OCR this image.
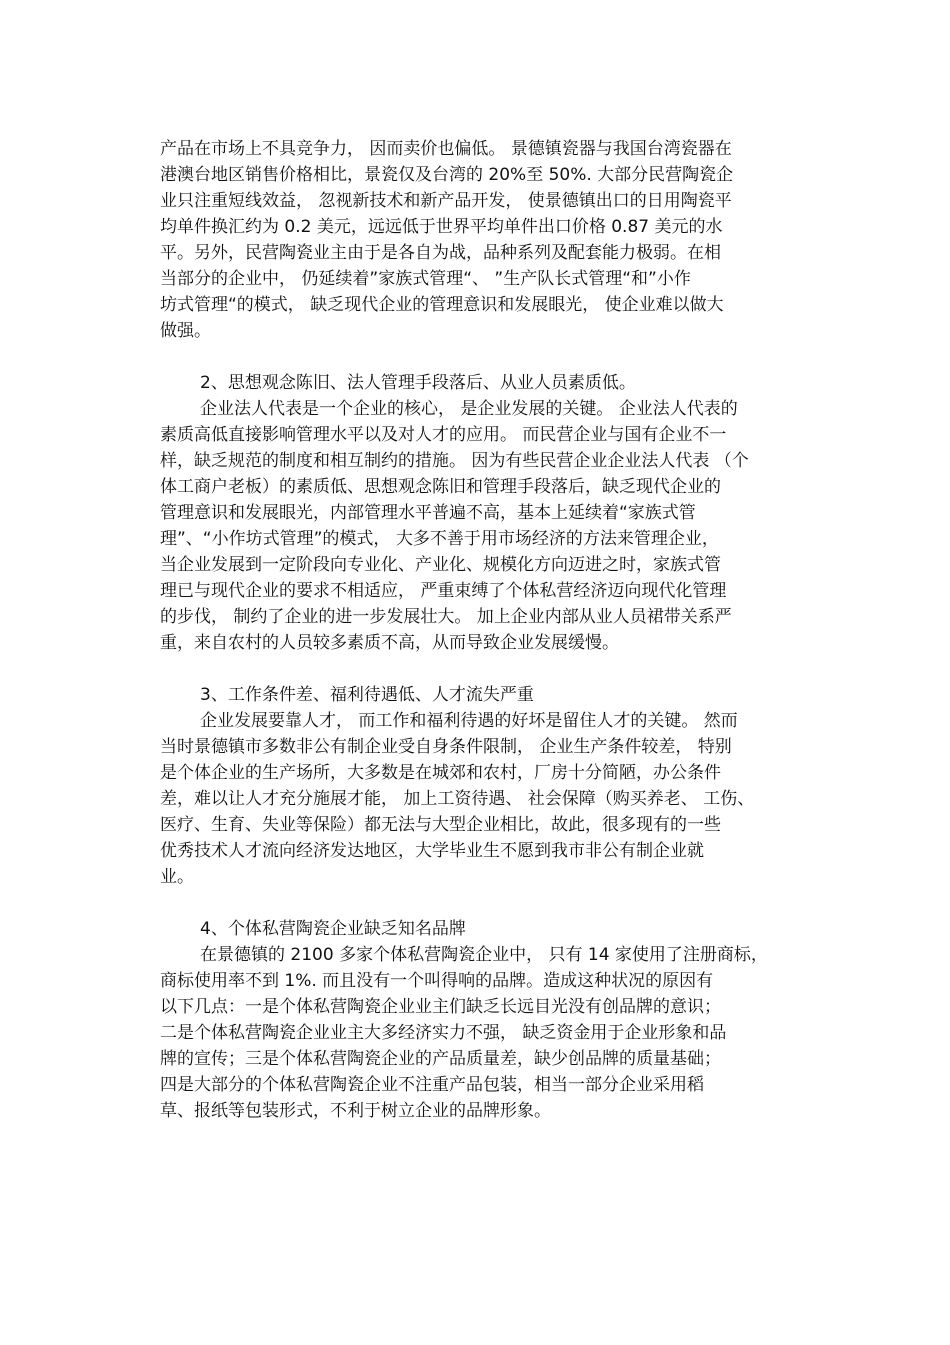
产品在市场上不具竞争力， 因而卖价也偏低。 景德镇瓷器与我国台湾瓷器在
港澳台地区销售价格相比，景瓷仅及台湾的 20%至 50%. 大部分民营陶瓷企
业只注重短线效益， 忽视新技术和新产品开发， 使景德镇出口的日用陶瓷平
均单件换汇约为 0.2 美元，远远低于世界平均单件出口价格 0.87 美元的水
平。另外，民营陶瓷业主由于是各自为战，品种系列及配套能力极弱。在相
当部分的企业中， 仍延续着”家族式管理“、 ”生产队长式管理“和”小作
坊式管理“的模式， 缺乏现代企业的管理意识和发展眼光， 使企业难以做大
做强。
2、思想观念陈旧、法人管理手段落后、从业人员素质低。
企业法人代表是一个企业的核心， 是企业发展的关键。 企业法人代表的
素质高低直接影响管理水平以及对人才的应用。 而民营企业与国有企业不一
样，缺乏规范的制度和相互制约的措施。 因为有些民营企业企业法人代表 （个
体工商户老板）的素质低、思想观念陈旧和管理手段落后，缺乏现代企业的
管理意识和发展眼光，内部管理水平普遍不高，基本上延续着“家族式管
理”、“小作坊式管理”的模式， 大多不善于用市场经济的方法来管理企业，
当企业发展到一定阶段向专业化、产业化、规模化方向迈进之时，家族式管
理已与现代企业的要求不相适应， 严重束缚了个体私营经济迈向现代化管理
的步伐， 制约了企业的进一步发展壮大。 加上企业内部从业人员裙带关系严
重，来自农村的人员较多素质不高，从而导致企业发展缓慢。
3、工作条件差、福利待遇低、人才流失严重
企业发展要靠人才， 而工作和福利待遇的好坏是留住人才的关键。 然而
当时景德镇市多数非公有制企业受自身条件限制， 企业生产条件较差， 特别
是个体企业的生产场所，大多数是在城郊和农村，厂房十分简陋，办公条件
差，难以让人才充分施展才能， 加上工资待遇、 社会保障（购买养老、 工伤、
医疗、生育、失业等保险）都无法与大型企业相比，故此，很多现有的一些
优秀技术人才流向经济发达地区，大学毕业生不愿到我市非公有制企业就
业。
4、个体私营陶瓷企业缺乏知名品牌
在景德镇的 2100 多家个体私营陶瓷企业中， 只有 14 家使用了注册商标，
商标使用率不到 1%. 而且没有一个叫得响的品牌。造成这种状况的原因有
以下几点：一是个体私营陶瓷企业业主们缺乏长远目光没有创品牌的意识；
二是个体私营陶瓷企业业主大多经济实力不强， 缺乏资金用于企业形象和品
牌的宣传；三是个体私营陶瓷企业的产品质量差，缺少创品牌的质量基础；
四是大部分的个体私营陶瓷企业不注重产品包装，相当一部分企业采用稻
草、报纸等包装形式，不利于树立企业的品牌形象。
